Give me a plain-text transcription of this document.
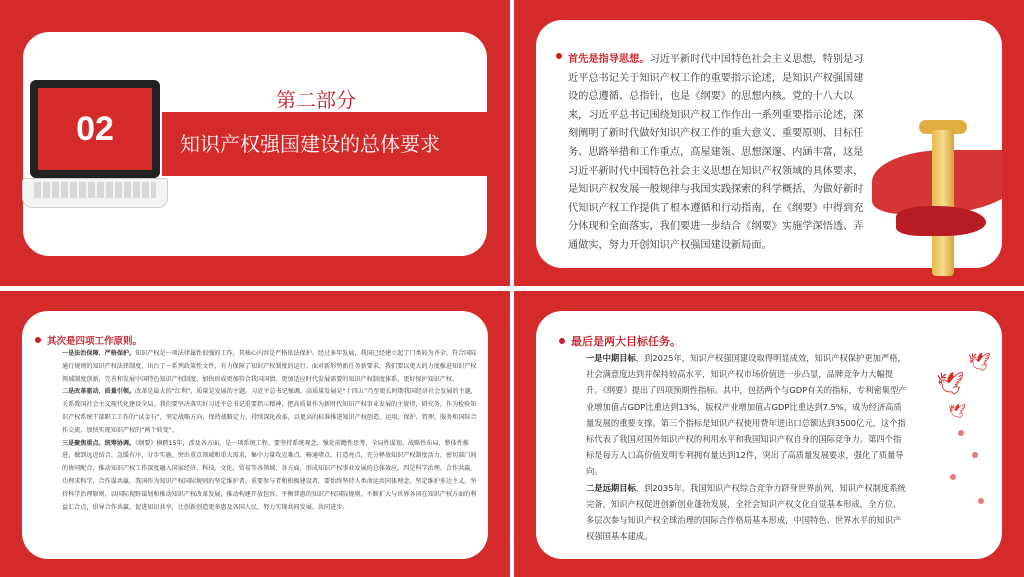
02
第二部分
知识产权强国建设的总体要求
首先是指导思想。习近平新时代中国特色社会主义思想，特别是习近平总书记关于知识产权工作的重要指示论述，是知识产权强国建设的总遵循、总指针，也是《纲要》的思想内核。党的十八大以来，习近平总书记围绕知识产权工作作出一系列重要指示论述，深刻阐明了新时代做好知识产权工作的重大意义、重要原则、目标任务、思路举措和工作重点，高屋建瓴、思想深邃、内涵丰富，这是习近平新时代中国特色社会主义思想在知识产权领域的具体要求，是知识产权发展一般规律与我国实践探索的科学概括，为做好新时代知识产权工作提供了根本遵循和行动指南，在《纲要》中得到充分体现和全面落实，我们要进一步结合《纲要》实施学深悟透、弄通做实，努力开创知识产权强国建设新局面。
其次是四项工作原则。

一是法治保障、严格保护。知识产权是一项法律属性很强的工作，其核心内容是严格依法保护。经过多年发展，我国已经建立起了门类较为齐全、符合国际通行规则的知识产权法律制度，出台了一系列政策性文件，有力保障了知识产权制度的运行。面对新形势新任务新要求，我们要以更大的力度推进知识产权领域制度创新，完善和发展中国特色知识产权制度，加快形成更加符合我国国情、更加适应时代发展需要的知识产权制度体系，更好保护知识产权。

二是改革驱动、质量引领。改革是最大的“红利”，质量是发展的主题。习近平总书记强调，高质量发展是“十四五”乃至更长时期我国经济社会发展的主题，关系我国社会主义现代化建设全局。我们要坚决落实好习近平总书记重要指示精神，把高质量作为新时代知识产权事业发展的主旋律，研究务，作为检验知识产权系统干部职工工作的“试金石”，坚定战略方向，保持战略定力，持续深化改革，以更高的标准推进知识产权创造、运用、保护、管理、服务和国际合作交流，加快实现知识产权的“两个转变”。

三是聚焦重点、统筹协调。《纲要》横跨15年，涉及各方面，是一项系统工程。要坚持系统观念，强化前瞻性思考、全局性谋划、战略性布局、整体性推进，做到远近结合、急缓有序、分步实施。突出重点领域和重大需求，集中力量攻克难点、畅通堵点、打造亮点，充分释放知识产权制度活力。密切部门间的协同配合，推动知识产权工作深度融入国家经济、科技、文化、贸易等各领域、各方面，形成知识产权事业发展的总体效应。四是科学治理、合作共赢。功理求科学，合作谋共赢。我国作为知识产权国际规则的坚定维护者、重要参与者和积极建设者，要始终坚持人类命运共同体理念，坚定维护多边主义，坚持科学治理原则，以国际视野谋划和推动知识产权改革发展，推动构建开放包容、平衡普惠的知识产权国际规则，不断扩大与世界各国在知识产权方面的利益汇合点，俱导合作共赢，促进知识共享，让创新创造更多惠及各国人民，努力实现共同发展、共同进步。

最后是两大目标任务。

一是中期目标，到2025年，知识产权强国建设取得明显成效，知识产权保护更加严格，社会满意度达到并保持较高水平，知识产权市场价值进一步凸显，品牌竞争力大幅提升。《纲要》提出了四项预期性指标。其中，包括两个与GDP有关的指标，专利密集型产业增加值占GDP比重达到13%，版权产业增加值占GDP比重达到7.5%，成为经济高质量发展的重要支撑。第三个指标是知识产权使用费年进出口总额达到3500亿元，这个指标代表了我国对国外知识产权的利用水平和我国知识产权自身的国际竞争力。第四个指标是每万人口高价值发明专利拥有量达到12件，突出了高质量发展要求，强化了质量导向。

二是远期目标，到2035年，我国知识产权综合竞争力跻身世界前列，知识产权制度系统完备，知识产权促进创新创业蓬勃发展，全社会知识产权文化自觉基本形成，全方位、多层次参与知识产权全球治理的国际合作格局基本形成，中国特色、世界水平的知识产权强国基本建成。

🕊
🕊
🕊
